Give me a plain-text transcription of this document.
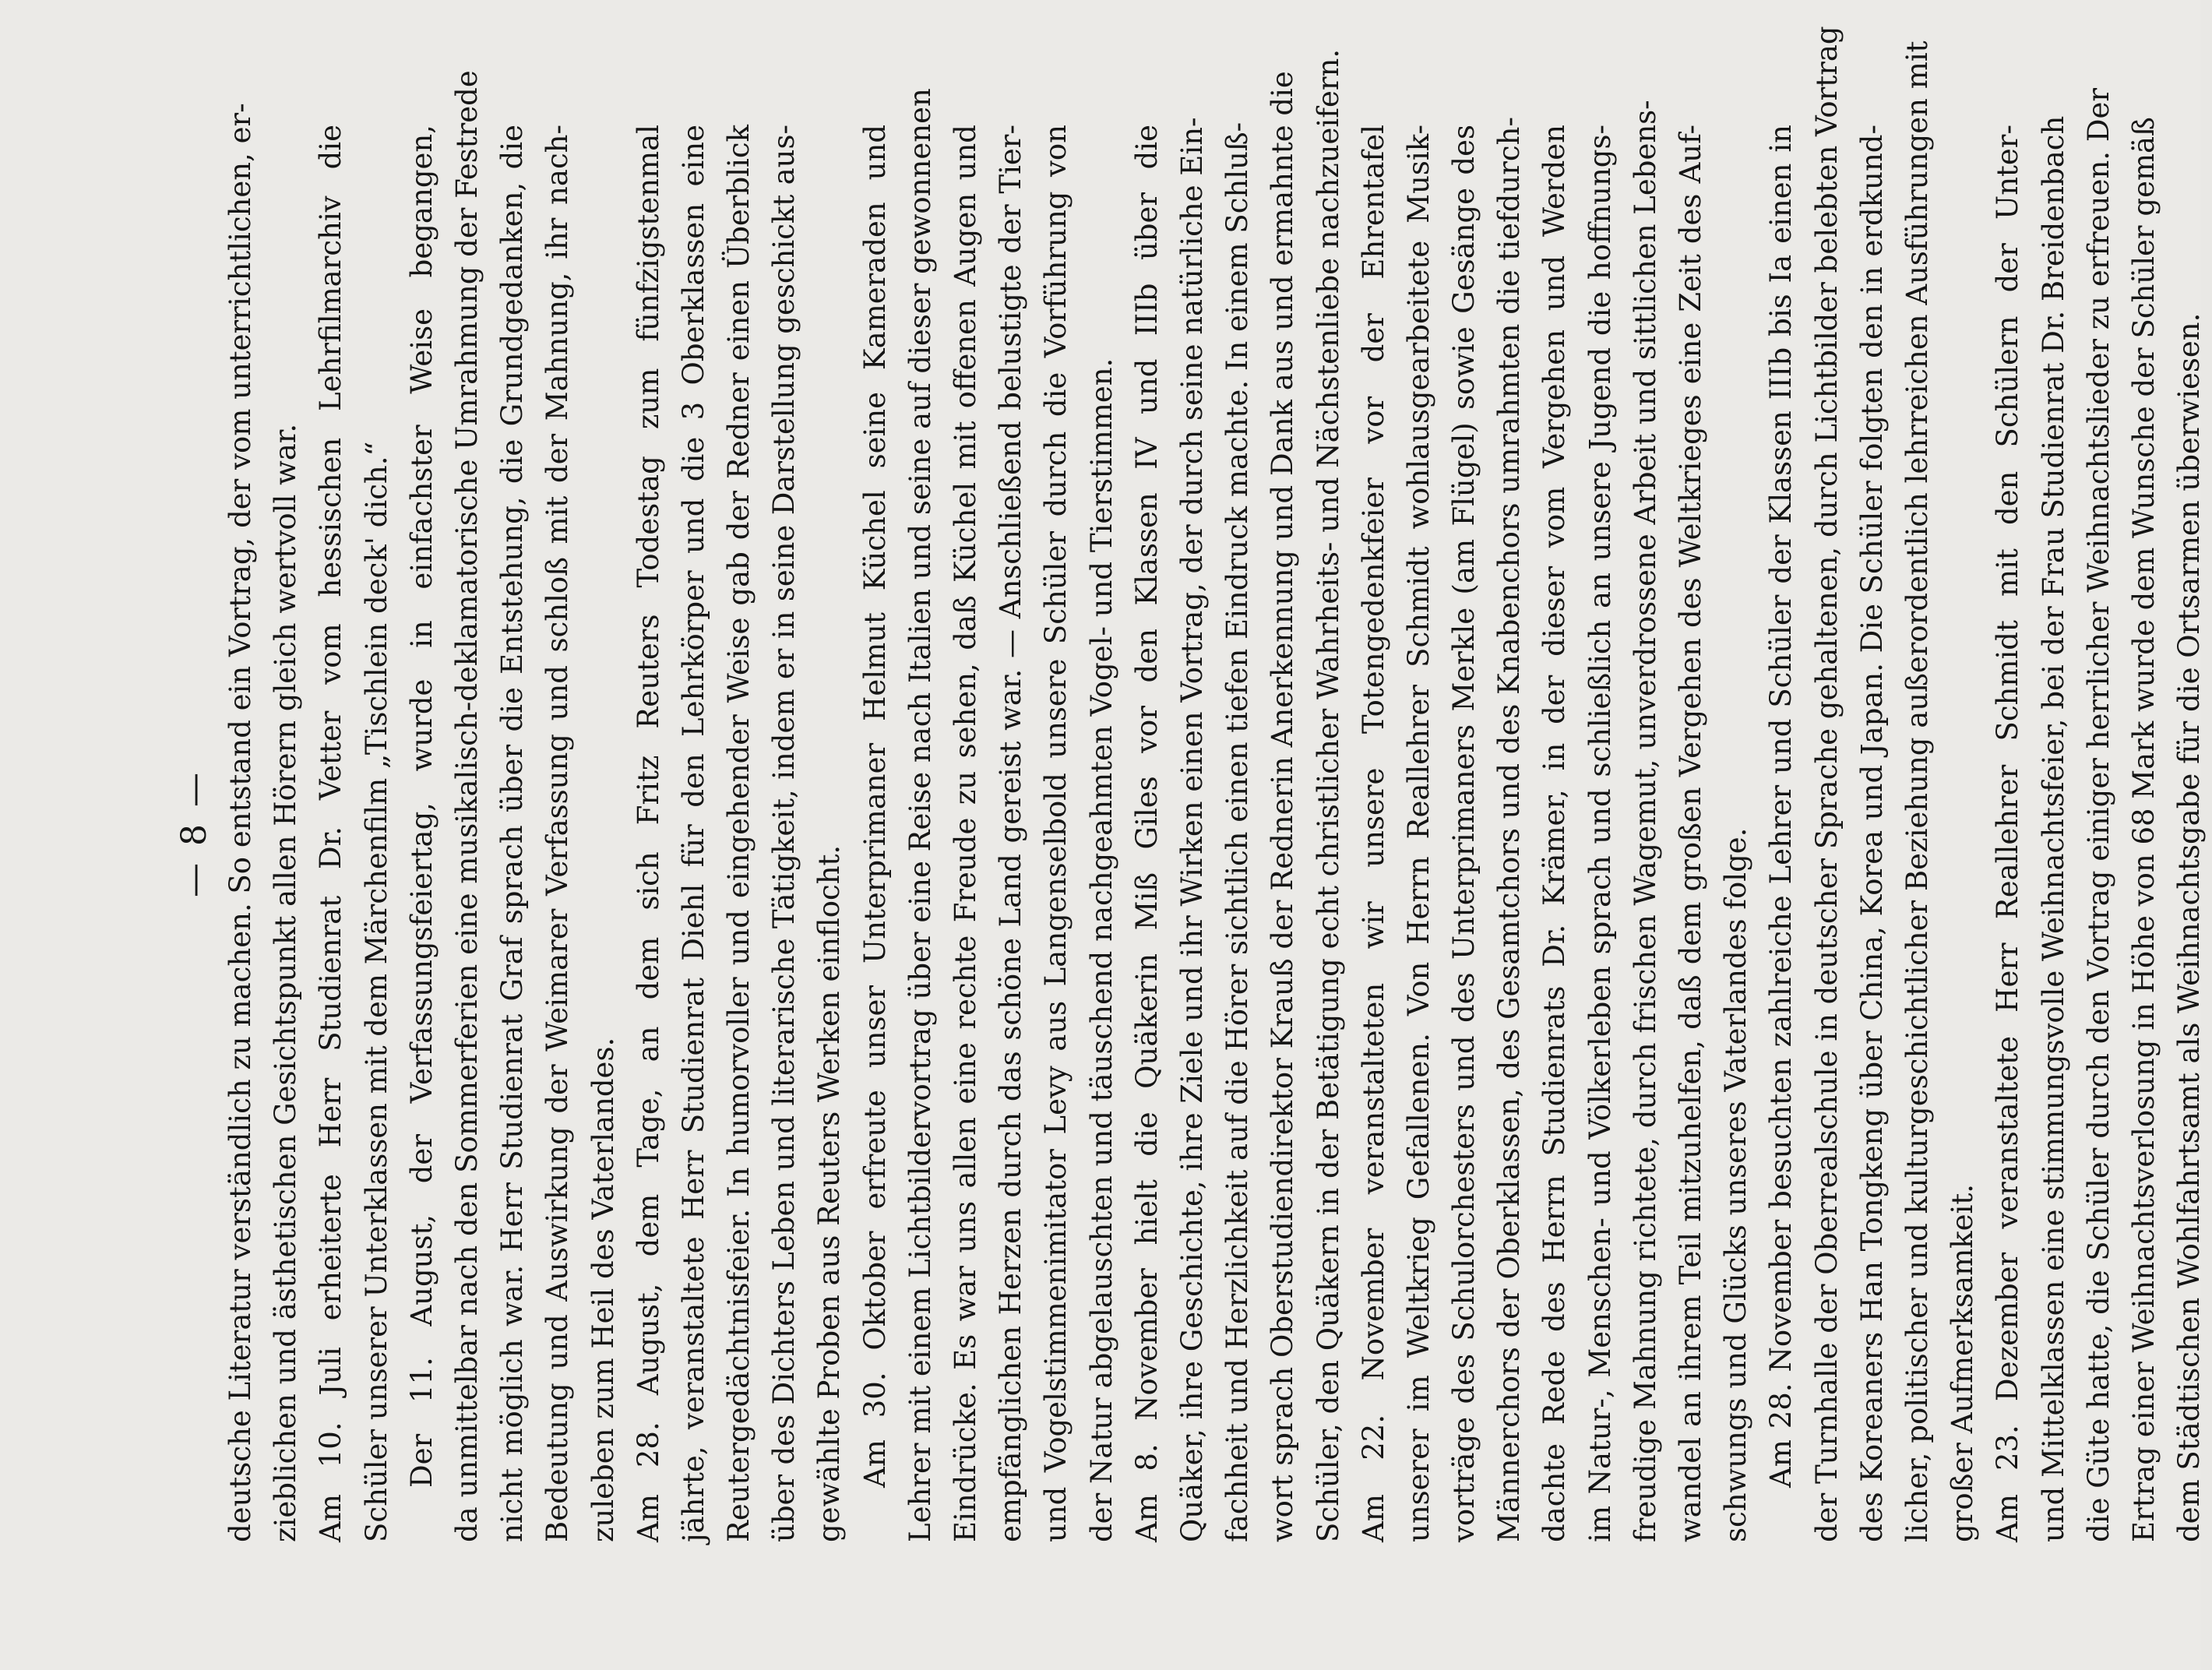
— 8 — deutsche Literatur verständlich zu machen. So entstand ein Vortrag, der vom unterrichtlichen, er- zieblichen und ästhetischen Gesichtspunkt allen Hörern gleich wertvoll war. Am 10. Juli erheiterte Herr Studienrat Dr. Vetter vom hessischen Lehrfilmarchiv die Schüler unserer Unterklassen mit dem Märchenfilm „Tischlein deck' dich.“ Der 11. August, der Verfassungsfeiertag, wurde in einfachster Weise begangen, da unmittelbar nach den Sommerferien eine musikalisch-deklamatorische Umrahmung der Festrede nicht möglich war. Herr Studienrat Graf sprach über die Entstehung, die Grundgedanken, die Bedeutung und Auswirkung der Weimarer Verfassung und schloß mit der Mahnung, ihr nach- zuleben zum Heil des Vaterlandes. Am 28. August, dem Tage, an dem sich Fritz Reuters Todestag zum fünfzigstenmal jährte, veranstaltete Herr Studienrat Diehl für den Lehrkörper und die 3 Oberklassen eine Reutergedächtnisfeier. In humorvoller und eingehender Weise gab der Redner einen Überblick über des Dichters Leben und literarische Tätigkeit, indem er in seine Darstellung geschickt aus- gewählte Proben aus Reuters Werken einflocht. Am 30. Oktober erfreute unser Unterprimaner Helmut Küchel seine Kameraden und Lehrer mit einem Lichtbildervortrag über eine Reise nach Italien und seine auf dieser gewonnenen Eindrücke. Es war uns allen eine rechte Freude zu sehen, daß Küchel mit offenen Augen und empfänglichen Herzen durch das schöne Land gereist war. — Anschließend belustigte der Tier- und Vogelstimmenimitator Levy aus Langenselbold unsere Schüler durch die Vorführung von der Natur abgelauschten und täuschend nachgeahmten Vogel- und Tierstimmen. Am 8. November hielt die Quäkerin Miß Giles vor den Klassen IV und IIIb über die Quäker, ihre Geschichte, ihre Ziele und ihr Wirken einen Vortrag, der durch seine natürliche Ein- fachheit und Herzlichkeit auf die Hörer sichtlich einen tiefen Eindruck machte. In einem Schluß- wort sprach Oberstudiendirektor Krauß der Rednerin Anerkennung und Dank aus und ermahnte die Schüler, den Quäkern in der Betätigung echt christlicher Wahrheits- und Nächstenliebe nachzueifern. Am 22. November veranstalteten wir unsere Totengedenkfeier vor der Ehrentafel unserer im Weltkrieg Gefallenen. Von Herrn Reallehrer Schmidt wohlausgearbeitete Musik- vorträge des Schulorchesters und des Unterprimaners Merkle (am Flügel) sowie Gesänge des Männerchors der Oberklassen, des Gesamtchors und des Knabenchors umrahmten die tiefdurch- dachte Rede des Herrn Studienrats Dr. Krämer, in der dieser vom Vergehen und Werden im Natur-, Menschen- und Völkerleben sprach und schließlich an unsere Jugend die hoffnungs- freudige Mahnung richtete, durch frischen Wagemut, unverdrossene Arbeit und sittlichen Lebens- wandel an ihrem Teil mitzuhelfen, daß dem großen Vergehen des Weltkrieges eine Zeit des Auf- schwungs und Glücks unseres Vaterlandes folge. Am 28. November besuchten zahlreiche Lehrer und Schüler der Klassen IIIb bis Ia einen in der Turnhalle der Oberrealschule in deutscher Sprache gehaltenen, durch Lichtbilder belebten Vortrag des Koreaners Han Tongkeng über China, Korea und Japan. Die Schüler folgten den in erdkund- licher, politischer und kulturgeschichtlicher Beziehung außerordentlich lehrreichen Ausführungen mit großer Aufmerksamkeit. Am 23. Dezember veranstaltete Herr Reallehrer Schmidt mit den Schülern der Unter- und Mittelklassen eine stimmungsvolle Weihnachtsfeier, bei der Frau Studienrat Dr. Breidenbach die Güte hatte, die Schüler durch den Vortrag einiger herrlicher Weihnachtslieder zu erfreuen. Der Ertrag einer Weihnachtsverlosung in Höhe von 68 Mark wurde dem Wunsche der Schüler gemäß dem Städtischen Wohlfahrtsamt als Weihnachtsgabe für die Ortsarmen überwiesen.
